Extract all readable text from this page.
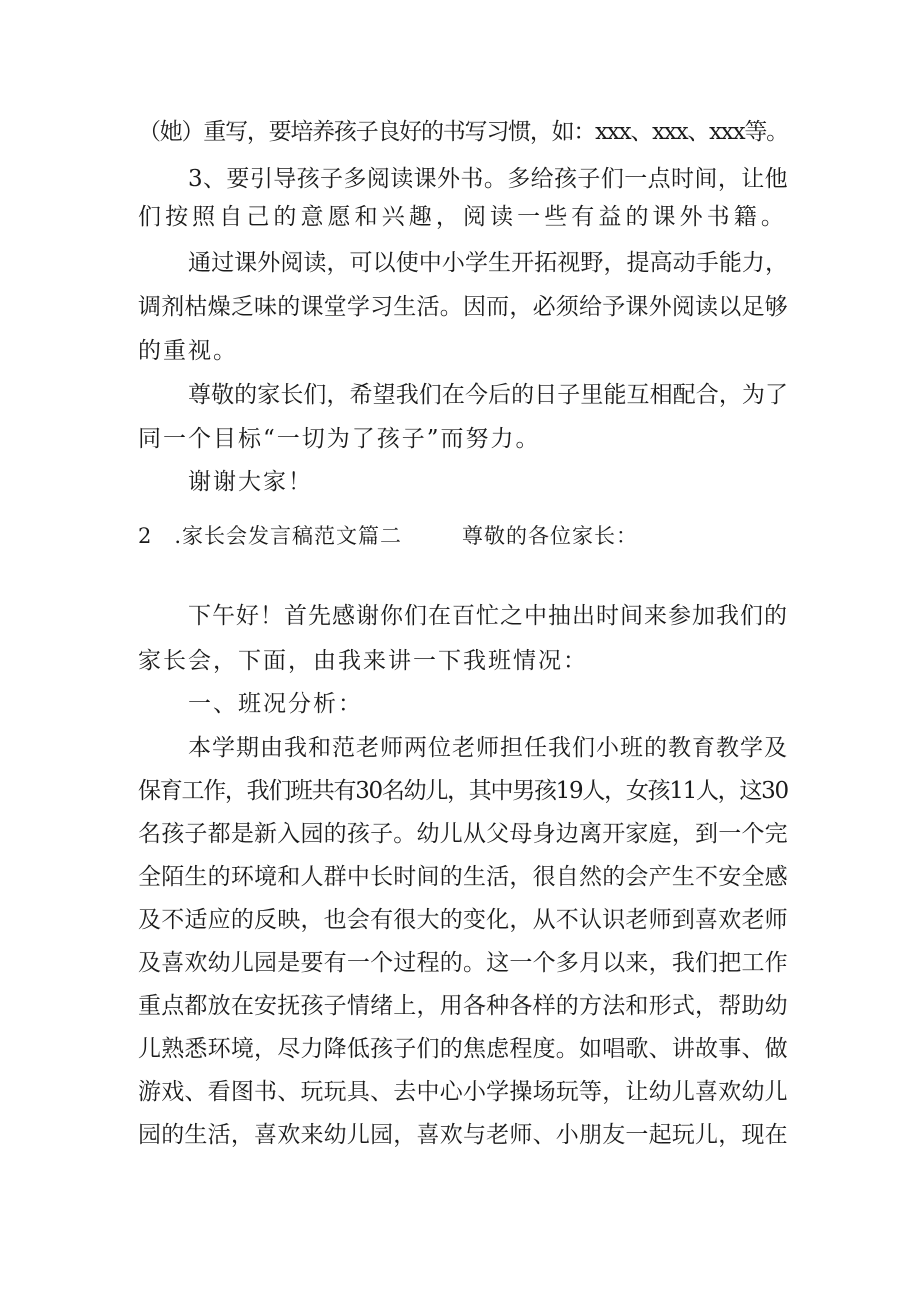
（她）重写，要培养孩子良好的书写习惯，如：xxx、xxx、xxx等。
3、要引导孩子多阅读课外书。多给孩子们一点时间，让他
们按照自己的意愿和兴趣，阅读一些有益的课外书籍。
通过课外阅读，可以使中小学生开拓视野，提高动手能力，
调剂枯燥乏味的课堂学习生活。因而，必须给予课外阅读以足够
的重视。
尊敬的家长们，希望我们在今后的日子里能互相配合，为了
同一个目标“一切为了孩子”而努力。
谢谢大家！
2　.家长会发言稿范文篇二	尊敬的各位家长：
下午好！首先感谢你们在百忙之中抽出时间来参加我们的
家长会，下面，由我来讲一下我班情况：
一、班况分析：
本学期由我和范老师两位老师担任我们小班的教育教学及
保育工作，我们班共有30名幼儿，其中男孩19人，女孩11人，这30
名孩子都是新入园的孩子。幼儿从父母身边离开家庭，到一个完
全陌生的环境和人群中长时间的生活，很自然的会产生不安全感
及不适应的反映，也会有很大的变化，从不认识老师到喜欢老师
及喜欢幼儿园是要有一个过程的。这一个多月以来，我们把工作
重点都放在安抚孩子情绪上，用各种各样的方法和形式，帮助幼
儿熟悉环境，尽力降低孩子们的焦虑程度。如唱歌、讲故事、做
游戏、看图书、玩玩具、去中心小学操场玩等，让幼儿喜欢幼儿
园的生活，喜欢来幼儿园，喜欢与老师、小朋友一起玩儿，现在
